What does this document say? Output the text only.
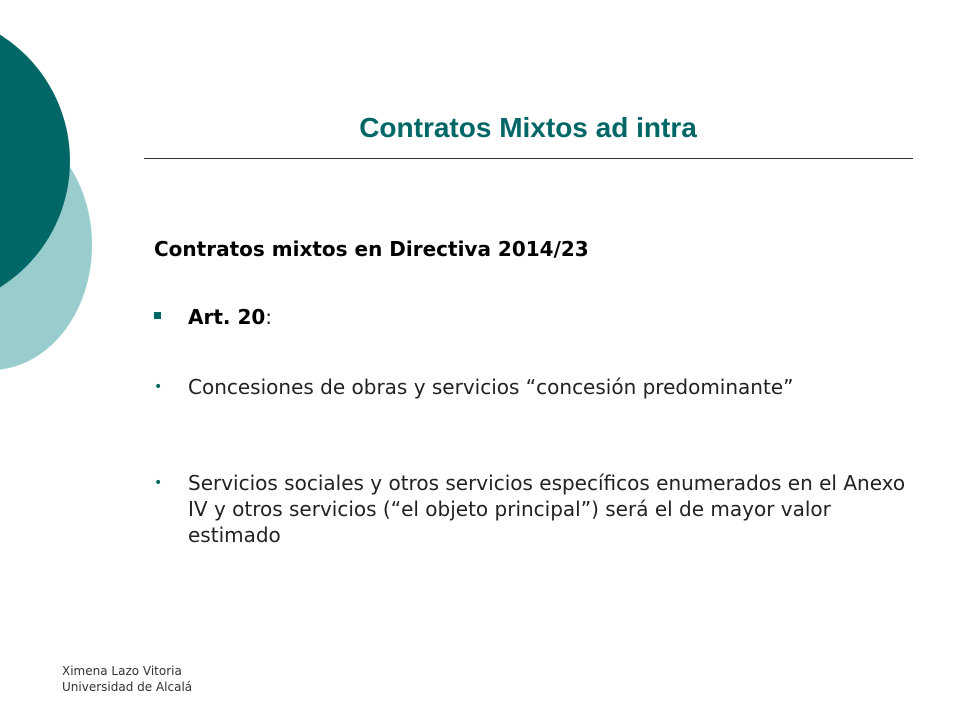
Contratos Mixtos ad intra

Contratos mixtos en Directiva 2014/23

Art. 20:
• Concesiones de obras y servicios “concesión predominante”
• Servicios sociales y otros servicios específicos enumerados en el Anexo IV y otros servicios (“el objeto principal”) será el de mayor valor estimado
Ximena Lazo Vitoria
Universidad de Alcalá
